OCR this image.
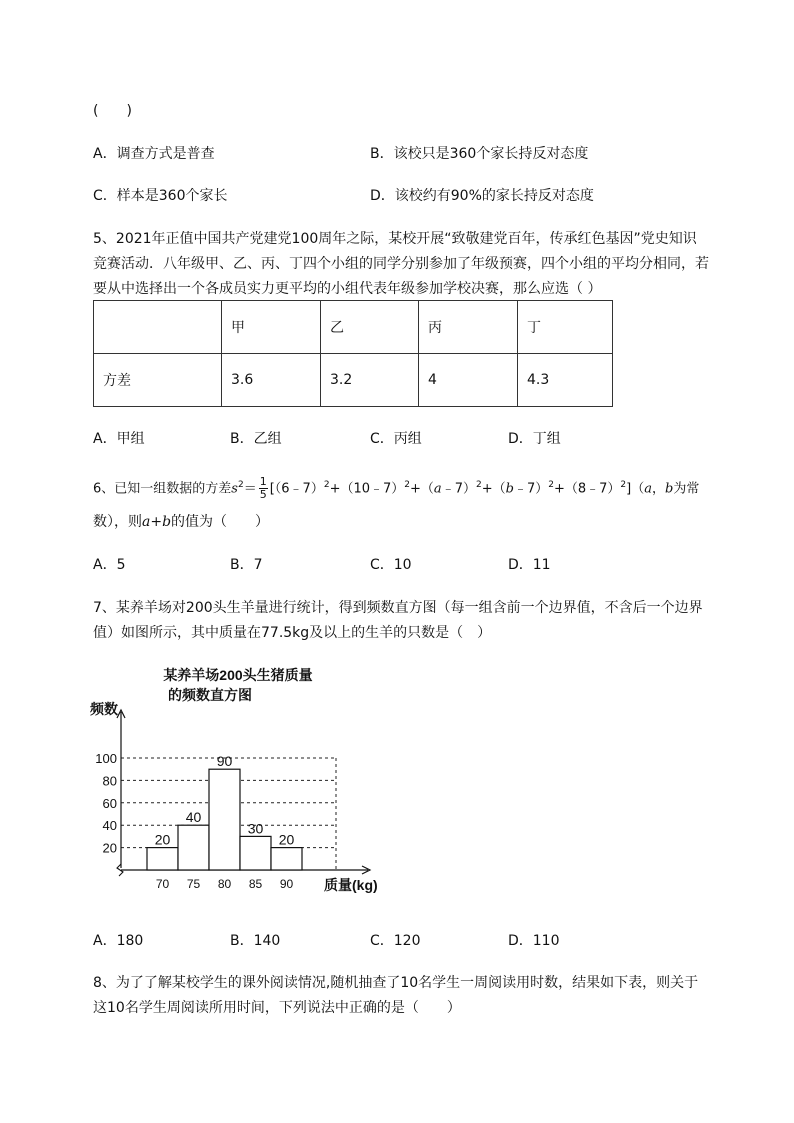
(　　)
A．调查方式是普查	B．该校只是360个家长持反对态度
C．样本是360个家长	D．该校约有90%的家长持反对态度
5、2021年正值中国共产党建党100周年之际，某校开展“致敬建党百年，传承红色基因”党史知识
竞赛活动．八年级甲、乙、丙、丁四个小组的同学分别参加了年级预赛，四个小组的平均分相同，若
要从中选择出一个各成员实力更平均的小组代表年级参加学校决赛，那么应选（ ）
	甲	乙	丙	丁
方差	3.6	3.2	4	4.3
A．甲组	B．乙组	C．丙组	D．丁组
6、已知一组数据的方差$s^2= \frac{1}{5}$ [（6﹣7）$^2$+（10﹣7）$^2$+（a﹣7）$^2$+（b﹣7）$^2$+（8﹣7）$^2$]（a，b为常
数），则a+b的值为（　　）
A．5	B．7	C．10	D．11
7、某养羊场对200头生羊量进行统计，得到频数直方图（每一组含前一个边界值，不含后一个边界
值）如图所示，其中质量在77.5kg及以上的生羊的只数是（　）
某养羊场200头生猪质量
的频数直方图
频数
20
40
60
80
100
20
40
90
30
20
70 75 80 85 90 质量(kg)
A．180	B．140	C．120	D．110
8、为了了解某校学生的课外阅读情况,随机抽查了10名学生一周阅读用时数，结果如下表，则关于
这10名学生周阅读所用时间，下列说法中正确的是（　　）
